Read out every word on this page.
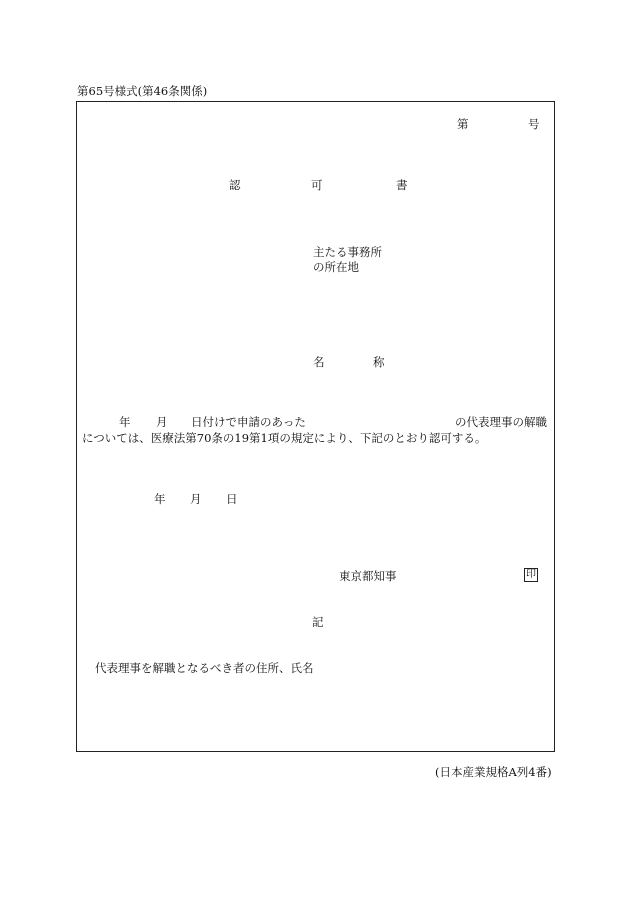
第65号様式(第46条関係)
第	号
認	可	書
主たる事務所
の所在地
名	称
年 月 日付けで申請のあった	の代表理事の解職
については、医療法第70条の19第1項の規定により、下記のとおり認可する。
年 月 日
東京都知事	印
記
代表理事を解職となるべき者の住所、氏名
(日本産業規格A列4番)
